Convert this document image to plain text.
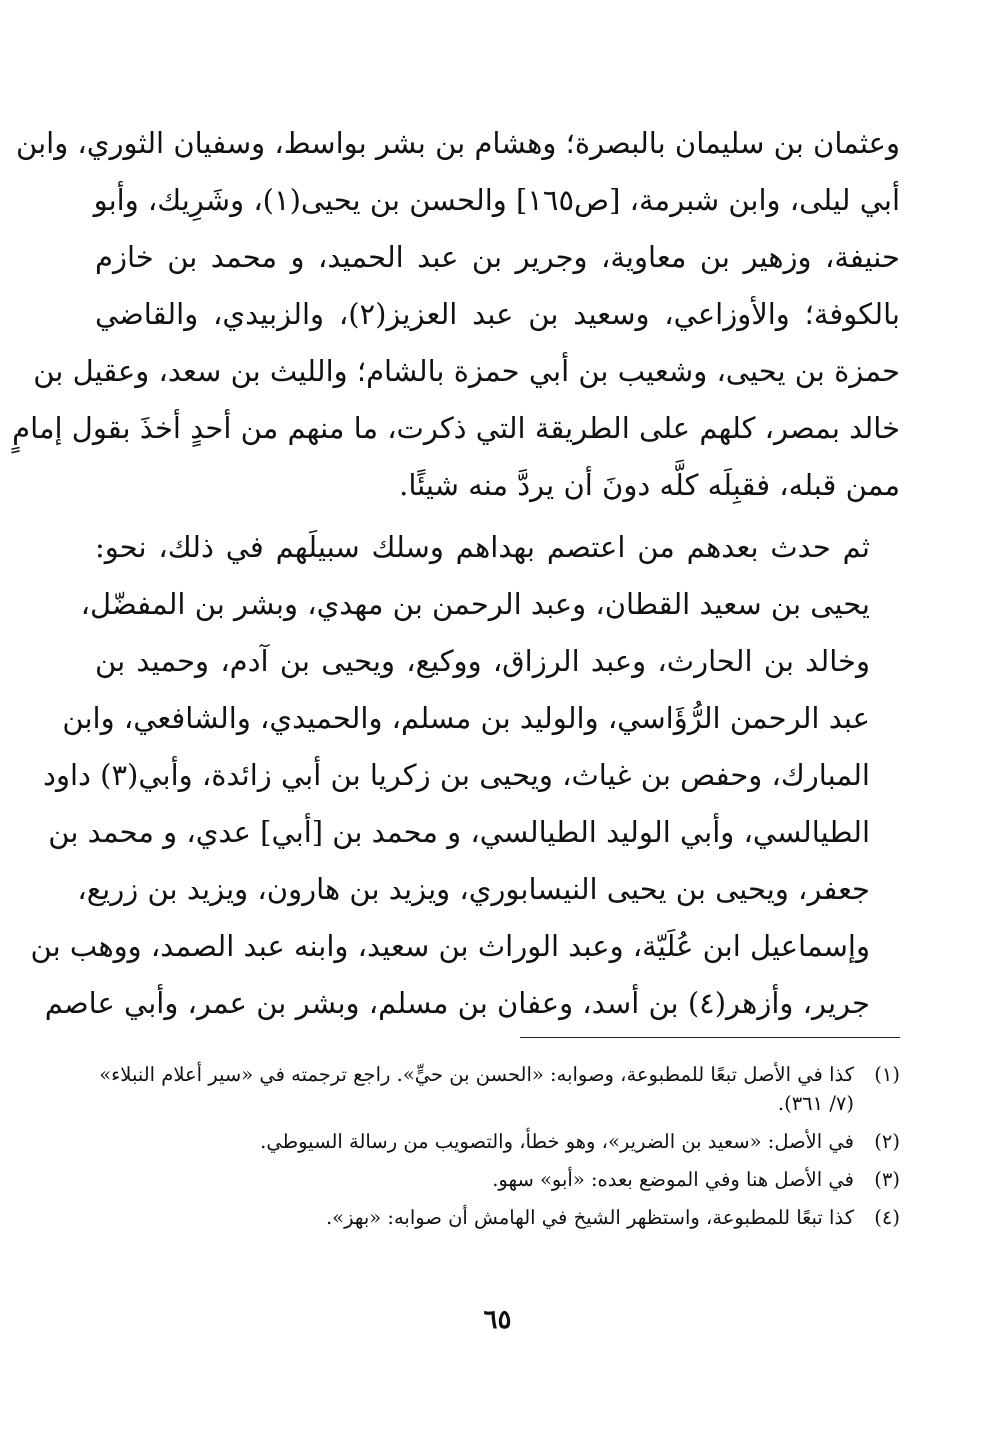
وعثمان بن سليمان بالبصرة؛ وهشام بن بشر بواسط، وسفيان الثوري، وابن
أبي ليلى، وابن شبرمة، [ص١٦٥] والحسن بن يحيى(١)، وشَرِيك، وأبو
حنيفة، وزهير بن معاوية، وجرير بن عبد الحميد، و محمد بن خازم
بالكوفة؛ والأوزاعي، وسعيد بن عبد العزيز(٢)، والزبيدي، والقاضي
حمزة بن يحيى، وشعيب بن أبي حمزة بالشام؛ والليث بن سعد، وعقيل بن
خالد بمصر، كلهم على الطريقة التي ذكرت، ما منهم من أحدٍ أخذَ بقول إمامٍ
ممن قبله، فقبِلَه كلَّه دونَ أن يردَّ منه شيئًا.

ثم حدث بعدهم من اعتصم بهداهم وسلك سبيلَهم في ذلك، نحو:
يحيى بن سعيد القطان، وعبد الرحمن بن مهدي، وبشر بن المفضّل،
وخالد بن الحارث، وعبد الرزاق، ووكيع، ويحيى بن آدم، وحميد بن
عبد الرحمن الرُّؤَاسي، والوليد بن مسلم، والحميدي، والشافعي، وابن
المبارك، وحفص بن غياث، ويحيى بن زكريا بن أبي زائدة، وأبي(٣) داود
الطيالسي، وأبي الوليد الطيالسي، و محمد بن [أبي] عدي، و محمد بن
جعفر، ويحيى بن يحيى النيسابوري، ويزيد بن هارون، ويزيد بن زريع،
وإسماعيل ابن عُلَيّة، وعبد الوراث بن سعيد، وابنه عبد الصمد، ووهب بن
جرير، وأزهر(٤) بن أسد، وعفان بن مسلم، وبشر بن عمر، وأبي عاصم

(١)
كذا في الأصل تبعًا للمطبوعة، وصوابه: «الحسن بن حيٍّ». راجع ترجمته في «سير أعلام النبلاء» (٧/ ٣٦١).
(٢)
في الأصل: «سعيد بن الضرير»، وهو خطأ، والتصويب من رسالة السيوطي.
(٣)
في الأصل هنا وفي الموضع بعده: «أبو» سهو.
(٤)
كذا تبعًا للمطبوعة، واستظهر الشيخ في الهامش أن صوابه: «بهز».
٦٥
